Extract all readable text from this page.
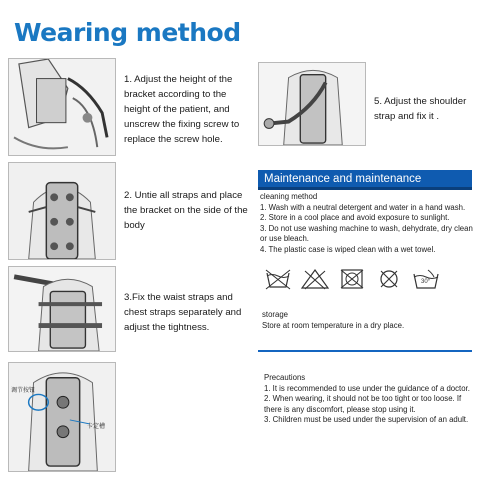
Wearing method
1. Adjust the height of the bracket according to the height of the patient, and unscrew the fixing screw to replace the screw hole.
2. Untie all straps and place the bracket on the side of the body
3.Fix the waist straps and chest straps separately and adjust the tightness.
调节按钮
卡定槽
5. Adjust the shoulder strap and fix it .
Maintenance and maintenance
cleaning method
1. Wash with a neutral detergent and water in a hand wash.
2. Store in a cool place and avoid exposure to sunlight.
3. Do not use washing machine to wash, dehydrate, dry clean or use bleach.
4. The plastic case is wiped clean with a wet towel.
30°
storage
Store at room temperature in a dry place.
Precautions
1. It is recommended to use under the guidance of a doctor.
2. When wearing, it should not be too tight or too loose. If there is any discomfort, please stop using it.
3. Children must be used under the supervision of an adult.
